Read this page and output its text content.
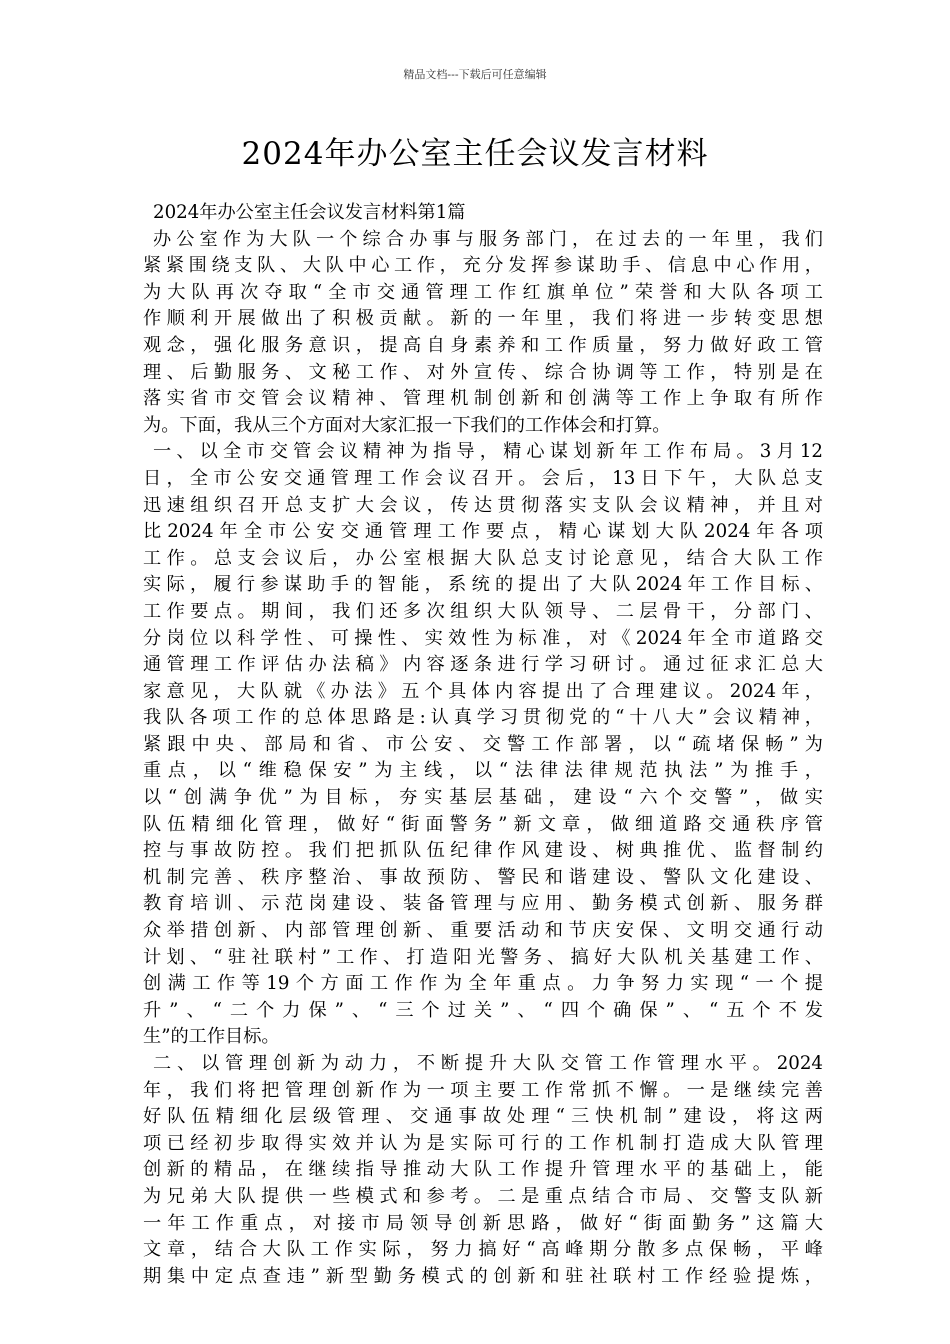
精品文档---下载后可任意编辑
2024年办公室主任会议发言材料
2024年办公室主任会议发言材料第1篇
办公室作为大队一个综合办事与服务部门，在过去的一年里，我们
紧紧围绕支队、大队中心工作，充分发挥参谋助手、信息中心作用，
为大队再次夺取“全市交通管理工作红旗单位”荣誉和大队各项工
作顺利开展做出了积极贡献。新的一年里，我们将进一步转变思想
观念，强化服务意识，提高自身素养和工作质量，努力做好政工管
理、后勤服务、文秘工作、对外宣传、综合协调等工作，特别是在
落实省市交管会议精神、管理机制创新和创满等工作上争取有所作
为。下面，我从三个方面对大家汇报一下我们的工作体会和打算。
一、以全市交管会议精神为指导，精心谋划新年工作布局。3月12
日，全市公安交通管理工作会议召开。会后，13日下午，大队总支
迅速组织召开总支扩大会议，传达贯彻落实支队会议精神，并且对
比2024年全市公安交通管理工作要点，精心谋划大队2024年各项
工作。总支会议后，办公室根据大队总支讨论意见，结合大队工作
实际，履行参谋助手的智能，系统的提出了大队2024年工作目标、
工作要点。期间，我们还多次组织大队领导、二层骨干，分部门、
分岗位以科学性、可操性、实效性为标准，对《2024年全市道路交
通管理工作评估办法稿》内容逐条进行学习研讨。通过征求汇总大
家意见，大队就《办法》五个具体内容提出了合理建议。2024年，
我队各项工作的总体思路是:认真学习贯彻党的“十八大”会议精神，
紧跟中央、部局和省、市公安、交警工作部署，以“疏堵保畅”为
重点，以“维稳保安”为主线，以“法律法律规范执法”为推手，
以“创满争优”为目标，夯实基层基础，建设“六个交警”，做实
队伍精细化管理，做好“街面警务”新文章，做细道路交通秩序管
控与事故防控。我们把抓队伍纪律作风建设、树典推优、监督制约
机制完善、秩序整治、事故预防、警民和谐建设、警队文化建设、
教育培训、示范岗建设、装备管理与应用、勤务模式创新、服务群
众举措创新、内部管理创新、重要活动和节庆安保、文明交通行动
计划、“驻社联村”工作、打造阳光警务、搞好大队机关基建工作、
创满工作等19个方面工作作为全年重点。力争努力实现“一个提
升”、“二个力保”、“三个过关”、“四个确保”、“五个不发
生”的工作目标。
二、以管理创新为动力，不断提升大队交管工作管理水平。2024
年，我们将把管理创新作为一项主要工作常抓不懈。一是继续完善
好队伍精细化层级管理、交通事故处理“三快机制”建设，将这两
项已经初步取得实效并认为是实际可行的工作机制打造成大队管理
创新的精品，在继续指导推动大队工作提升管理水平的基础上，能
为兄弟大队提供一些模式和参考。二是重点结合市局、交警支队新
一年工作重点，对接市局领导创新思路，做好“街面勤务”这篇大
文章，结合大队工作实际，努力搞好“高峰期分散多点保畅，平峰
期集中定点查违”新型勤务模式的创新和驻社联村工作经验提炼，
